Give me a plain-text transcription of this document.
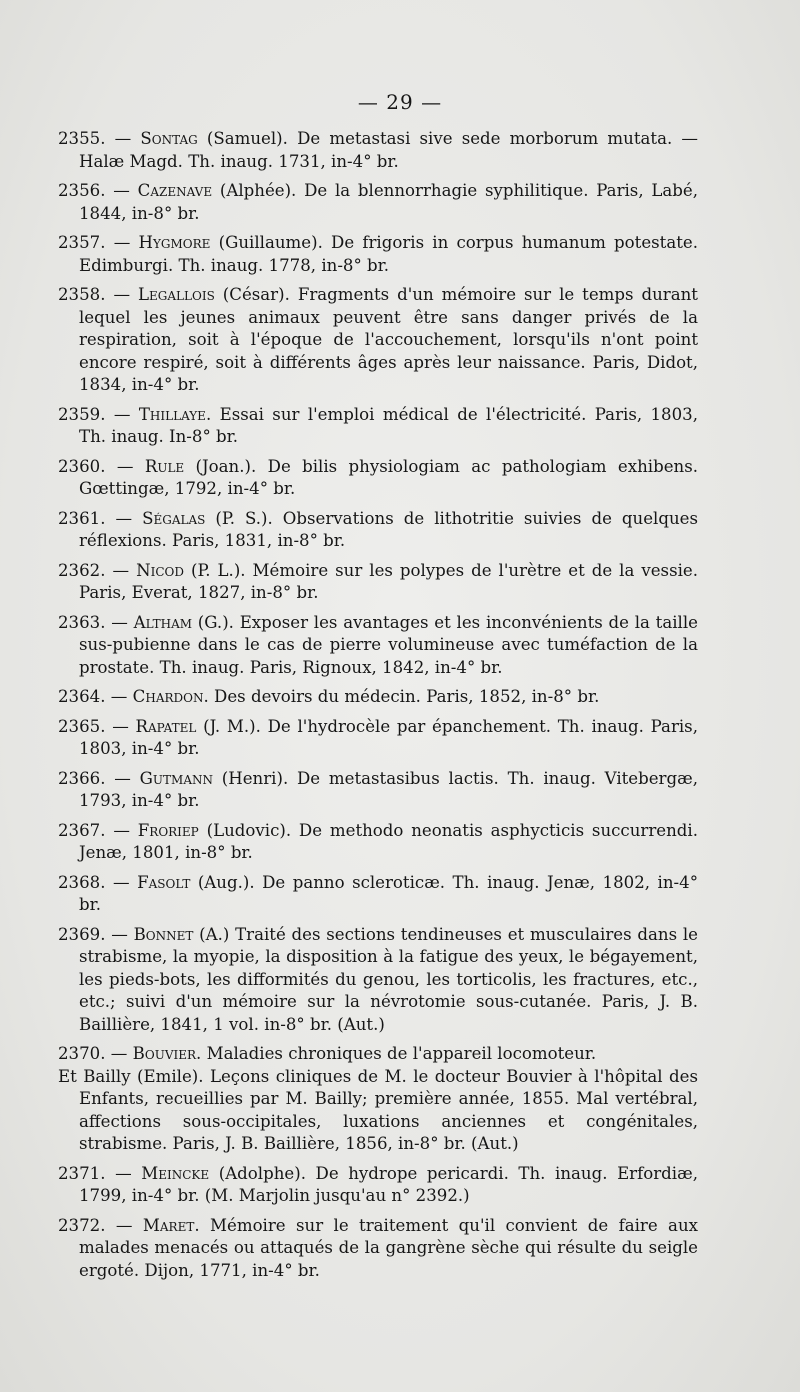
— 29 —
2355. — Sontag (Samuel). De metastasi sive sede morborum mutata. — Halæ Magd. Th. inaug. 1731, in-4° br.
2356. — Cazenave (Alphée). De la blennorrhagie syphilitique. Paris, Labé, 1844, in-8° br.
2357. — Hygmore (Guillaume). De frigoris in corpus humanum potestate. Edimburgi. Th. inaug. 1778, in-8° br.
2358. — Legallois (César). Fragments d'un mémoire sur le temps durant lequel les jeunes animaux peuvent être sans danger privés de la respiration, soit à l'époque de l'accouchement, lorsqu'ils n'ont point encore respiré, soit à différents âges après leur naissance. Paris, Didot, 1834, in-4° br.
2359. — Thillaye. Essai sur l'emploi médical de l'électricité. Paris, 1803, Th. inaug. In-8° br.
2360. — Rule (Joan.). De bilis physiologiam ac pathologiam exhibens. Gœttingæ, 1792, in-4° br.
2361. — Ségalas (P. S.). Observations de lithotritie suivies de quelques réflexions. Paris, 1831, in-8° br.
2362. — Nicod (P. L.). Mémoire sur les polypes de l'urètre et de la vessie. Paris, Everat, 1827, in-8° br.
2363. — Altham (G.). Exposer les avantages et les inconvénients de la taille sus-pubienne dans le cas de pierre volumineuse avec tuméfaction de la prostate. Th. inaug. Paris, Rignoux, 1842, in-4° br.
2364. — Chardon. Des devoirs du médecin. Paris, 1852, in-8° br.
2365. — Rapatel (J. M.). De l'hydrocèle par épanchement. Th. inaug. Paris, 1803, in-4° br.
2366. — Gutmann (Henri). De metastasibus lactis. Th. inaug. Vitebergæ, 1793, in-4° br.
2367. — Froriep (Ludovic). De methodo neonatis asphycticis succurrendi. Jenæ, 1801, in-8° br.
2368. — Fasolt (Aug.). De panno scleroticæ. Th. inaug. Jenæ, 1802, in-4° br.
2369. — Bonnet (A.) Traité des sections tendineuses et musculaires dans le strabisme, la myopie, la disposition à la fatigue des yeux, le bégayement, les pieds-bots, les difformités du genou, les torticolis, les fractures, etc., etc.; suivi d'un mémoire sur la névrotomie sous-cutanée. Paris, J. B. Baillière, 1841, 1 vol. in-8° br. (Aut.)
2370. — Bouvier. Maladies chroniques de l'appareil locomoteur.
Et Bailly (Emile). Leçons cliniques de M. le docteur Bouvier à l'hôpital des Enfants, recueillies par M. Bailly; première année, 1855. Mal vertébral, affections sous-occipitales, luxations anciennes et congénitales, strabisme. Paris, J. B. Baillière, 1856, in-8° br. (Aut.)
2371. — Meincke (Adolphe). De hydrope pericardi. Th. inaug. Erfordiæ, 1799, in-4° br. (M. Marjolin jusqu'au n° 2392.)
2372. — Maret. Mémoire sur le traitement qu'il convient de faire aux malades menacés ou attaqués de la gangrène sèche qui résulte du seigle ergoté. Dijon, 1771, in-4° br.
